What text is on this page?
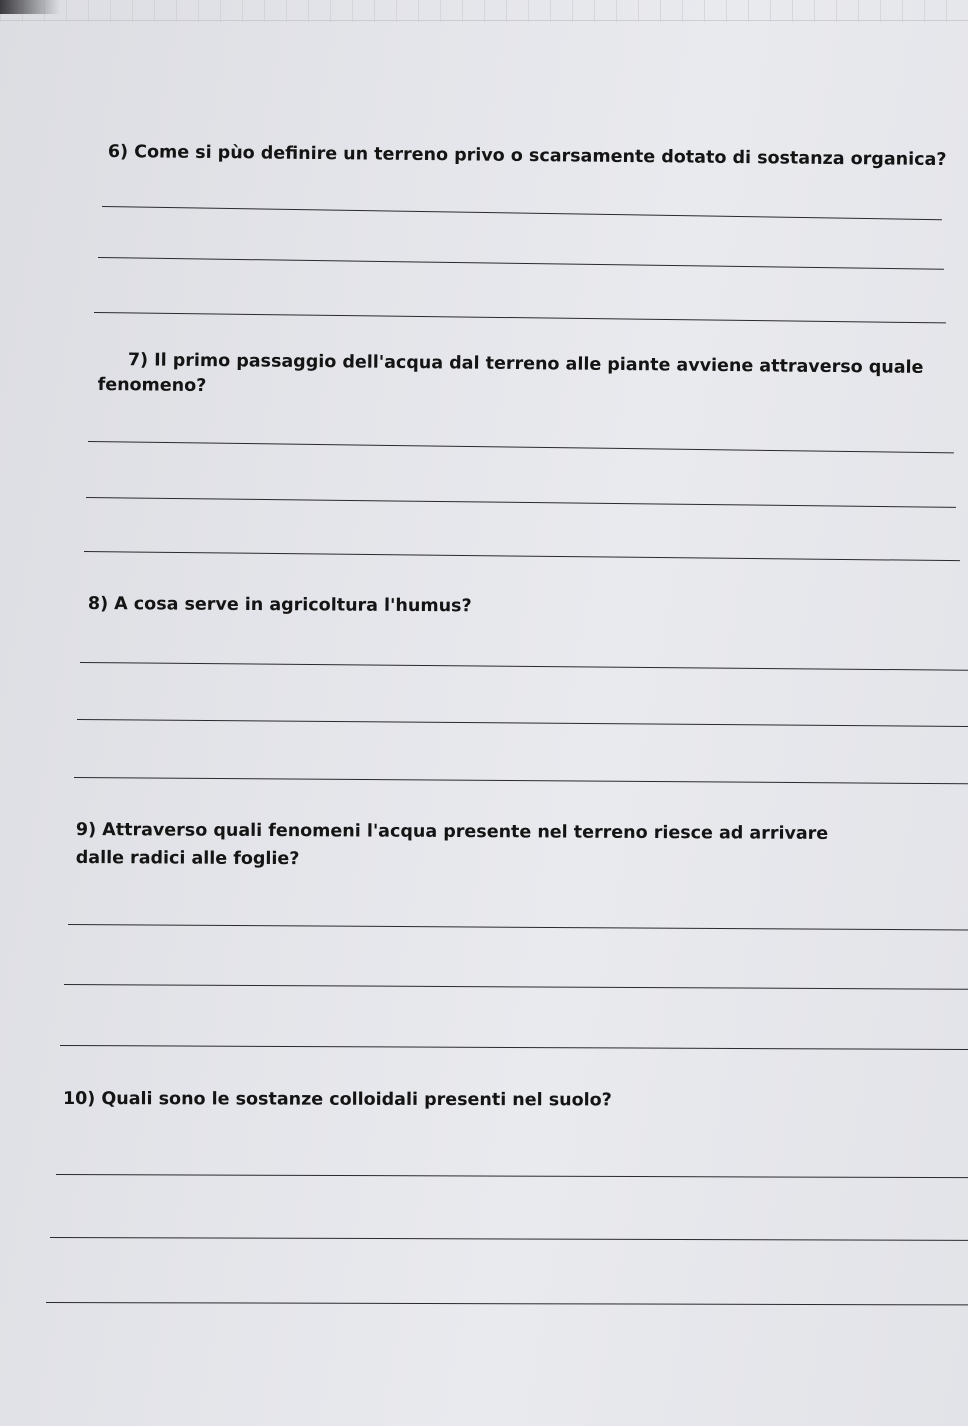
6) Come si pùo definire un terreno privo o scarsamente dotato di sostanza organica?

7) Il primo passaggio dell'acqua dal terreno alle piante avviene attraverso quale
fenomeno?

8) A cosa serve in agricoltura l'humus?

9) Attraverso quali fenomeni l'acqua presente nel terreno riesce ad arrivare
dalle radici alle foglie?

10) Quali sono le sostanze colloidali presenti nel suolo?
